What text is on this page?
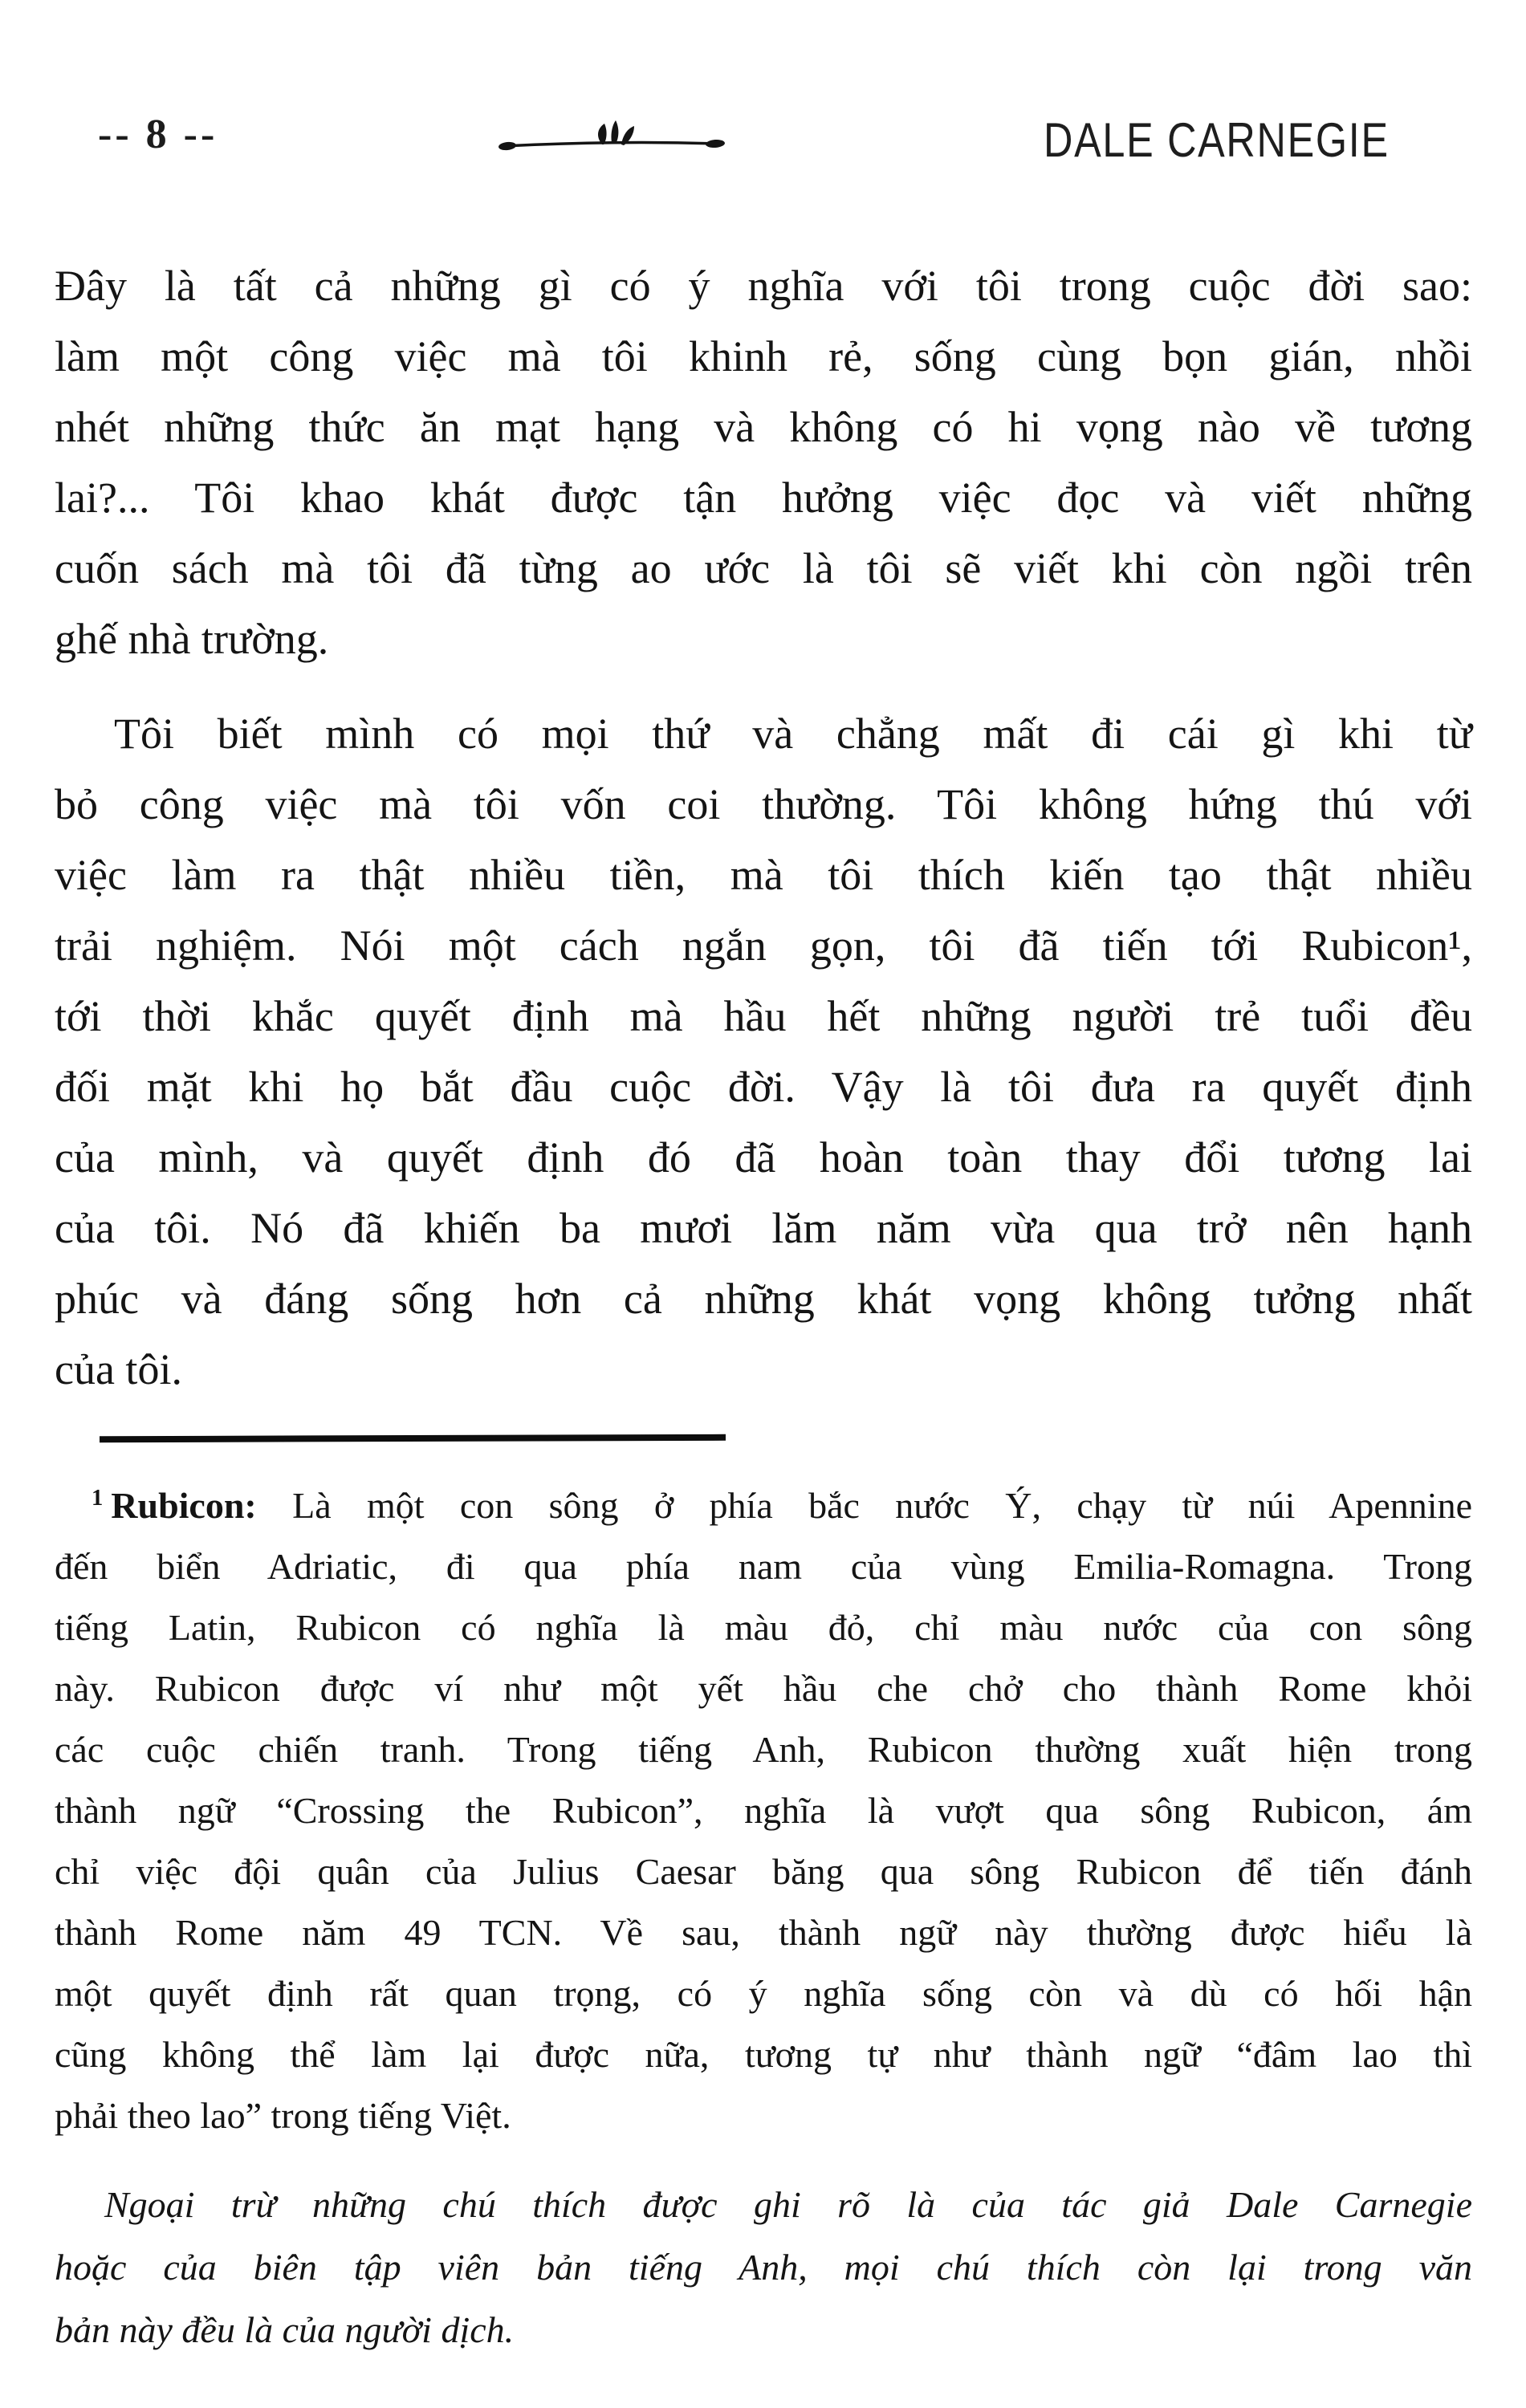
-- 8 --	DALE CARNEGIE
Đây là tất cả những gì có ý nghĩa với tôi trong cuộc đời sao:
làm một công việc mà tôi khinh rẻ, sống cùng bọn gián, nhồi
nhét những thức ăn mạt hạng và không có hi vọng nào về tương
lai?... Tôi khao khát được tận hưởng việc đọc và viết những
cuốn sách mà tôi đã từng ao ước là tôi sẽ viết khi còn ngồi trên
ghế nhà trường.
Tôi biết mình có mọi thứ và chẳng mất đi cái gì khi từ
bỏ công việc mà tôi vốn coi thường. Tôi không hứng thú với
việc làm ra thật nhiều tiền, mà tôi thích kiến tạo thật nhiều
trải nghiệm. Nói một cách ngắn gọn, tôi đã tiến tới Rubicon¹,
tới thời khắc quyết định mà hầu hết những người trẻ tuổi đều
đối mặt khi họ bắt đầu cuộc đời. Vậy là tôi đưa ra quyết định
của mình, và quyết định đó đã hoàn toàn thay đổi tương lai
của tôi. Nó đã khiến ba mươi lăm năm vừa qua trở nên hạnh
phúc và đáng sống hơn cả những khát vọng không tưởng nhất
của tôi.
$^1$ Rubicon: Là một con sông ở phía bắc nước Ý, chạy từ núi Apennine
đến biển Adriatic, đi qua phía nam của vùng Emilia-Romagna. Trong
tiếng Latin, Rubicon có nghĩa là màu đỏ, chỉ màu nước của con sông
này. Rubicon được ví như một yết hầu che chở cho thành Rome khỏi
các cuộc chiến tranh. Trong tiếng Anh, Rubicon thường xuất hiện trong
thành ngữ “Crossing the Rubicon”, nghĩa là vượt qua sông Rubicon, ám
chỉ việc đội quân của Julius Caesar băng qua sông Rubicon để tiến đánh
thành Rome năm 49 TCN. Về sau, thành ngữ này thường được hiểu là
một quyết định rất quan trọng, có ý nghĩa sống còn và dù có hối hận
cũng không thể làm lại được nữa, tương tự như thành ngữ “đâm lao thì
phải theo lao” trong tiếng Việt.
Ngoại trừ những chú thích được ghi rõ là của tác giả Dale Carnegie
hoặc của biên tập viên bản tiếng Anh, mọi chú thích còn lại trong văn
bản này đều là của người dịch.
